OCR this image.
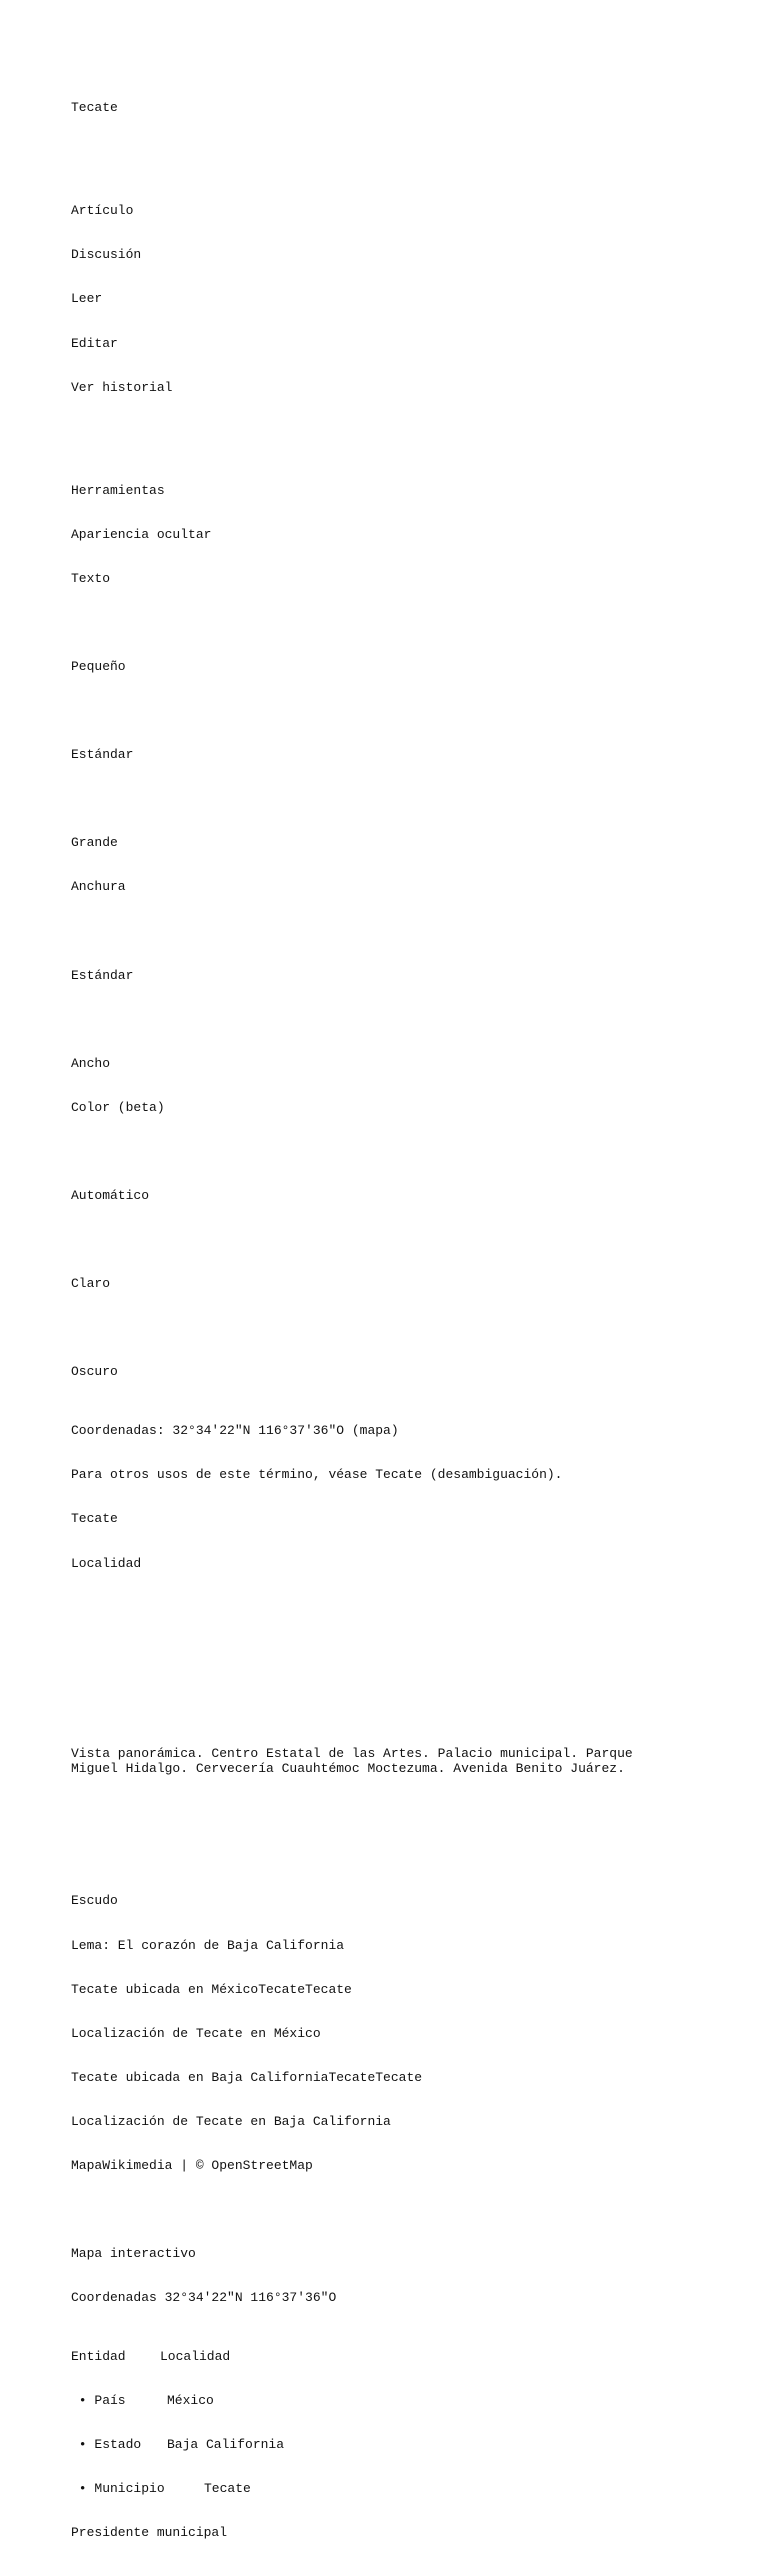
Tecate

Artículo

Discusión

Leer

Editar

Ver historial

Herramientas

Apariencia ocultar

Texto

Pequeño

Estándar

Grande

Anchura

Estándar

Ancho

Color (beta)

Automático

Claro

Oscuro

Coordenadas: 32°34′22″N 116°37′36″O (mapa)

Para otros usos de este término, véase Tecate (desambiguación).

Tecate

Localidad

Vista panorámica. Centro Estatal de las Artes. Palacio municipal. Parque Miguel Hidalgo. Cervecería Cuauhtémoc Moctezuma. Avenida Benito Juárez.

Escudo

Lema: El corazón de Baja California

Tecate ubicada en MéxicoTecateTecate

Localización de Tecate en México

Tecate ubicada en Baja CaliforniaTecateTecate

Localización de Tecate en Baja California

MapaWikimedia | © OpenStreetMap

Mapa interactivo

Coordenadas 32°34′22″N 116°37′36″O

Entidad	Localidad

• País	México

• Estado Baja California

• Municipio	Tecate

Presidente municipal
